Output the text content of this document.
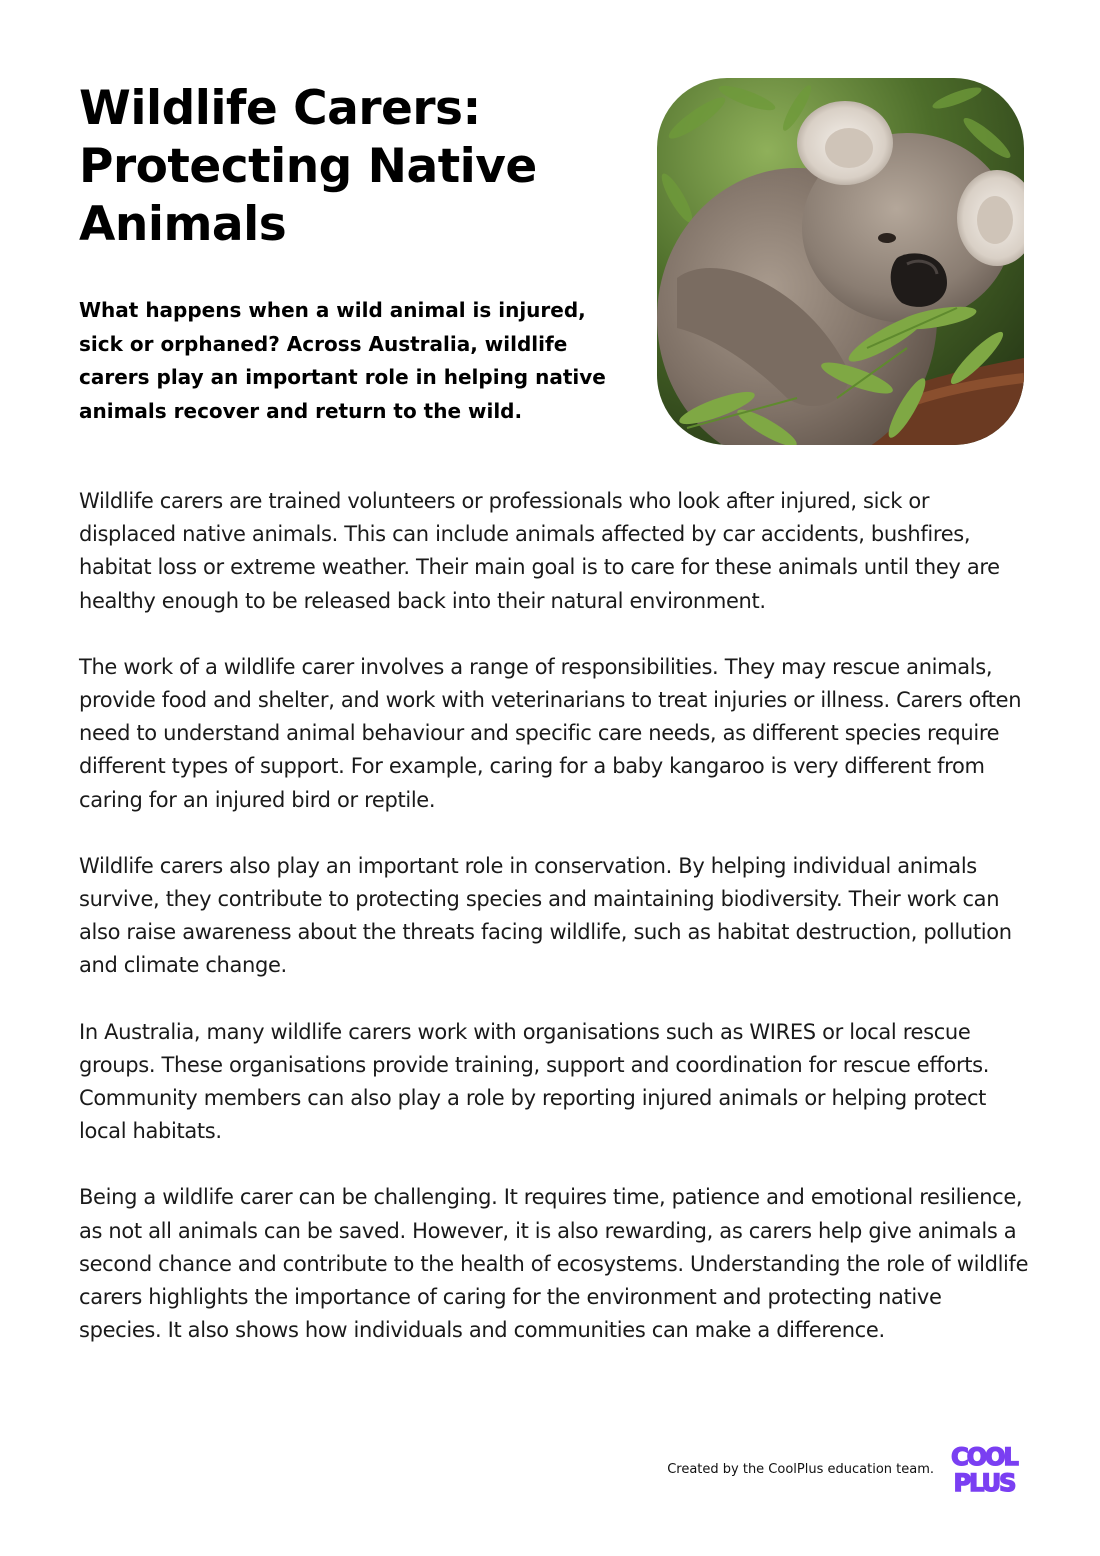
Wildlife Carers: Protecting Native Animals

What happens when a wild animal is injured, sick or orphaned? Across Australia, wildlife carers play an important role in helping native animals recover and return to the wild.

Wildlife carers are trained volunteers or professionals who look after injured, sick or displaced native animals. This can include animals affected by car accidents, bushfires, habitat loss or extreme weather. Their main goal is to care for these animals until they are healthy enough to be released back into their natural environment.

The work of a wildlife carer involves a range of responsibilities. They may rescue animals, provide food and shelter, and work with veterinarians to treat injuries or illness. Carers often need to understand animal behaviour and specific care needs, as different species require different types of support. For example, caring for a baby kangaroo is very different from caring for an injured bird or reptile.

Wildlife carers also play an important role in conservation. By helping individual animals survive, they contribute to protecting species and maintaining biodiversity. Their work can also raise awareness about the threats facing wildlife, such as habitat destruction, pollution and climate change.

In Australia, many wildlife carers work with organisations such as WIRES or local rescue groups. These organisations provide training, support and coordination for rescue efforts. Community members can also play a role by reporting injured animals or helping protect local habitats.

Being a wildlife carer can be challenging. It requires time, patience and emotional resilience, as not all animals can be saved. However, it is also rewarding, as carers help give animals a second chance and contribute to the health of ecosystems. Understanding the role of wildlife carers highlights the importance of caring for the environment and protecting native species. It also shows how individuals and communities can make a difference.

Created by the CoolPlus education team. COOL
PLUS
